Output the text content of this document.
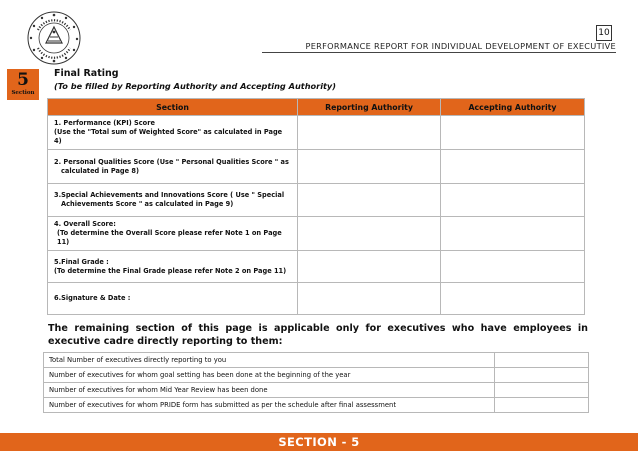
10
PERFORMANCE REPORT FOR INDIVIDUAL DEVELOPMENT OF EXECUTIVE
5
Section
Final Rating
(To be filled by Reporting Authority and Accepting Authority)
Section	Reporting Authority	Accepting Authority

1. Performance (KPI) Score
(Use the "Total sum of Weighted Score" as calculated in Page 4)		

2. Personal Qualities Score (Use " Personal Qualities Score " as
calculated in Page 8)		

3.Special Achievements and Innovations Score ( Use " Special
Achievements Score " as calculated in Page 9)		

4. Overall Score:
(To determine the Overall Score please refer Note 1 on Page 11)		

5.Final Grade :
(To determine the Final Grade please refer Note 2 on Page 11)		

6.Signature & Date :		

The remaining section of this page is applicable only for executives who have employees in executive cadre directly reporting to them:
Total Number of executives directly reporting to you	
Number of executives for whom goal setting has been done at the beginning of the year	
Number of executives for whom Mid Year Review has been done	
Number of executives for whom PRIDE form has submitted as per the schedule after final assessment	
SECTION - 5
